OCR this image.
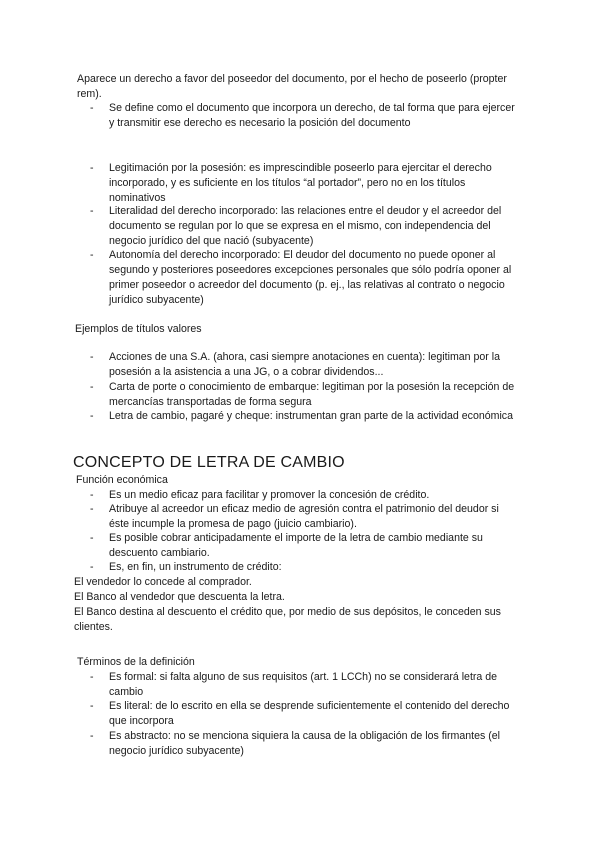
Aparece un derecho a favor del poseedor del documento, por el hecho de poseerlo (propter rem).

-	Se define como el documento que incorpora un derecho, de tal forma que para ejercer y transmitir ese derecho es necesario la posición del documento
-	Legitimación por la posesión: es imprescindible poseerlo para ejercitar el derecho incorporado, y es suficiente en los títulos “al portador”, pero no en los títulos nominativos
-	Literalidad del derecho incorporado: las relaciones entre el deudor y el acreedor del documento se regulan por lo que se expresa en el mismo, con independencia del negocio jurídico del que nació (subyacente)
-	Autonomía del derecho incorporado: El deudor del documento no puede oponer al segundo y posteriores poseedores excepciones personales que sólo podría oponer al primer poseedor o acreedor del documento (p. ej., las relativas al contrato o negocio jurídico subyacente)

Ejemplos de títulos valores

-	Acciones de una S.A. (ahora, casi siempre anotaciones en cuenta): legitiman por la posesión a la asistencia a una JG, o a cobrar dividendos...
-	Carta de porte o conocimiento de embarque: legitiman por la posesión la recepción de mercancías transportadas de forma segura
-	Letra de cambio, pagaré y cheque: instrumentan gran parte de la actividad económica
CONCEPTO DE LETRA DE CAMBIO

Función económica

-	Es un medio eficaz para facilitar y promover la concesión de crédito.
-	Atribuye al acreedor un eficaz medio de agresión contra el patrimonio del deudor si éste incumple la promesa de pago (juicio cambiario).
-	Es posible cobrar anticipadamente el importe de la letra de cambio mediante su descuento cambiario.
-	Es, en fin, un instrumento de crédito:

El vendedor lo concede al comprador.

El Banco al vendedor que descuenta la letra.

El Banco destina al descuento el crédito que, por medio de sus depósitos, le conceden sus clientes.

Términos de la definición

-	Es formal: si falta alguno de sus requisitos (art. 1 LCCh) no se considerará letra de cambio
-	Es literal: de lo escrito en ella se desprende suficientemente el contenido del derecho que incorpora
-	Es abstracto: no se menciona siquiera la causa de la obligación de los firmantes (el negocio jurídico subyacente)
